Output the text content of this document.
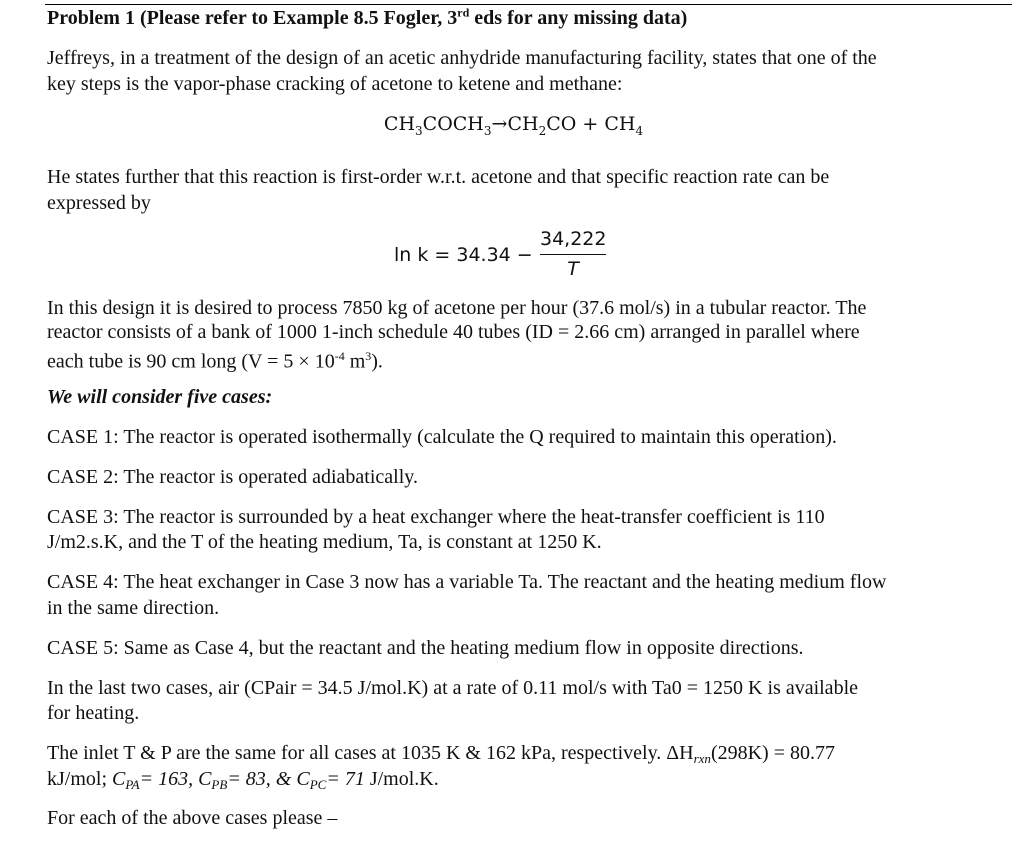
Problem 1 (Please refer to Example 8.5 Fogler, 3rd eds for any missing data)
Jeffreys, in a treatment of the design of an acetic anhydride manufacturing facility, states that one of the
key steps is the vapor-phase cracking of acetone to ketene and methane:
$CH_3COCH_3\to CH_2CO + CH_4$
He states further that this reaction is first-order w.r.t. acetone and that specific reaction rate can be
expressed by
ln k = 34.34 −
34,222
T
In this design it is desired to process 7850 kg of acetone per hour (37.6 mol/s) in a tubular reactor. The
reactor consists of a bank of 1000 1-inch schedule 40 tubes (ID = 2.66 cm) arranged in parallel where
each tube is 90 cm long ($V = 5 \times 10^{-4}$ $m^3$).
We will consider five cases:
CASE 1: The reactor is operated isothermally (calculate the Q required to maintain this operation).
CASE 2: The reactor is operated adiabatically.
CASE 3: The reactor is surrounded by a heat exchanger where the heat-transfer coefficient is 110
J/m2.s.K, and the T of the heating medium, Ta, is constant at 1250 K.
CASE 4: The heat exchanger in Case 3 now has a variable Ta. The reactant and the heating medium flow
in the same direction.
CASE 5: Same as Case 4, but the reactant and the heating medium flow in opposite directions.
In the last two cases, air (CPair = 34.5 J/mol.K) at a rate of 0.11 mol/s with Ta0 = 1250 K is available
for heating.
The inlet T & P are the same for all cases at 1035 K & 162 kPa, respectively. $\Delta H_{rxn}(298K) = 80.77$
kJ/mol; $C_{PA}= 163$, $C_{PB}= 83$, & $C_{PC}= 71$ J/mol.K.
For each of the above cases please –
